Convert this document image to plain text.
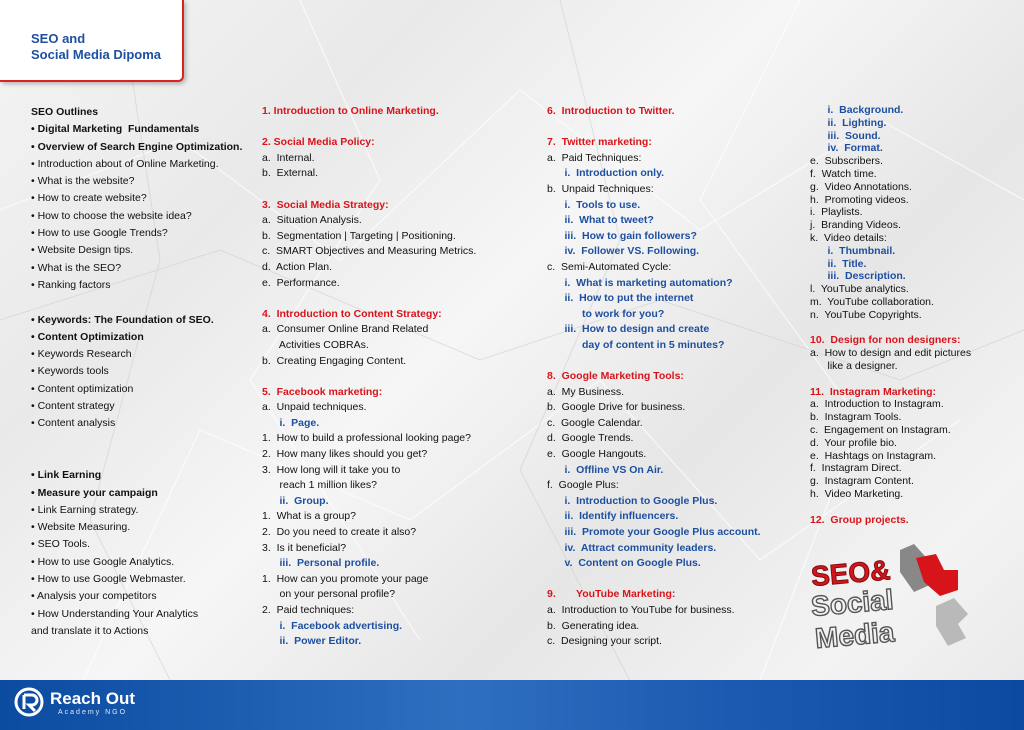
SEO and
Social Media Dipoma
SEO Outlines
• Digital Marketing  Fundamentals
• Overview of Search Engine Optimization.
• Introduction about of Online Marketing.
• What is the website?
• How to create website?
• How to choose the website idea?
• How to use Google Trends?
• Website Design tips.
• What is the SEO?
• Ranking factors
• Keywords: The Foundation of SEO.
• Content Optimization
• Keywords Research
• Keywords tools
• Content optimization
• Content strategy
• Content analysis
• Link Earning
• Measure your campaign
• Link Earning strategy.
• Website Measuring.
• SEO Tools.
• How to use Google Analytics.
• How to use Google Webmaster.
• Analysis your competitors
• How Understanding Your Analytics
and translate it to Actions
1. Introduction to Online Marketing.
2. Social Media Policy:
a.  Internal.
b.  External.
3.  Social Media Strategy:
a.  Situation Analysis.
b.  Segmentation | Targeting | Positioning.
c.  SMART Objectives and Measuring Metrics.
d.  Action Plan.
e.  Performance.
4.  Introduction to Content Strategy:
a.  Consumer Online Brand Related
Activities COBRAs.
b.  Creating Engaging Content.
5.  Facebook marketing:
a.  Unpaid techniques.
i.  Page.
1.  How to build a professional looking page?
2.  How many likes should you get?
3.  How long will it take you to
reach 1 million likes?
ii.  Group.
1.  What is a group?
2.  Do you need to create it also?
3.  Is it beneficial?
iii.  Personal profile.
1.  How can you promote your page
on your personal profile?
2.  Paid techniques:
i.  Facebook advertising.
ii.  Power Editor.
6.  Introduction to Twitter.
7.  Twitter marketing:
a.  Paid Techniques:
i.  Introduction only.
b.  Unpaid Techniques:
i.  Tools to use.
ii.  What to tweet?
iii.  How to gain followers?
iv.  Follower VS. Following.
c.  Semi-Automated Cycle:
i.  What is marketing automation?
ii.  How to put the internet
to work for you?
iii.  How to design and create
day of content in 5 minutes?
8.  Google Marketing Tools:
a.  My Business.
b.  Google Drive for business.
c.  Google Calendar.
d.  Google Trends.
e.  Google Hangouts.
i.  Offline VS On Air.
f.  Google Plus:
i.  Introduction to Google Plus.
ii.  Identify influencers.
iii.  Promote your Google Plus account.
iv.  Attract community leaders.
v.  Content on Google Plus.
9.       YouTube Marketing:
a.  Introduction to YouTube for business.
b.  Generating idea.
c.  Designing your script.
i.  Background.
ii.  Lighting.
iii.  Sound.
iv.  Format.
e.  Subscribers.
f.  Watch time.
g.  Video Annotations.
h.  Promoting videos.
i.  Playlists.
j.  Branding Videos.
k.  Video details:
i.  Thumbnail.
ii.  Title.
iii.  Description.
l.  YouTube analytics.
m.  YouTube collaboration.
n.  YouTube Copyrights.
10.  Design for non designers:
a.  How to design and edit pictures
like a designer.
11.  Instagram Marketing:
a.  Introduction to Instagram.
b.  Instagram Tools.
c.  Engagement on Instagram.
d.  Your profile bio.
e.  Hashtags on Instagram.
f.  Instagram Direct.
g.  Instagram Content.
h.  Video Marketing.
12.  Group projects.
SEO&
Social
Media
Reach Out
Academy NGO
